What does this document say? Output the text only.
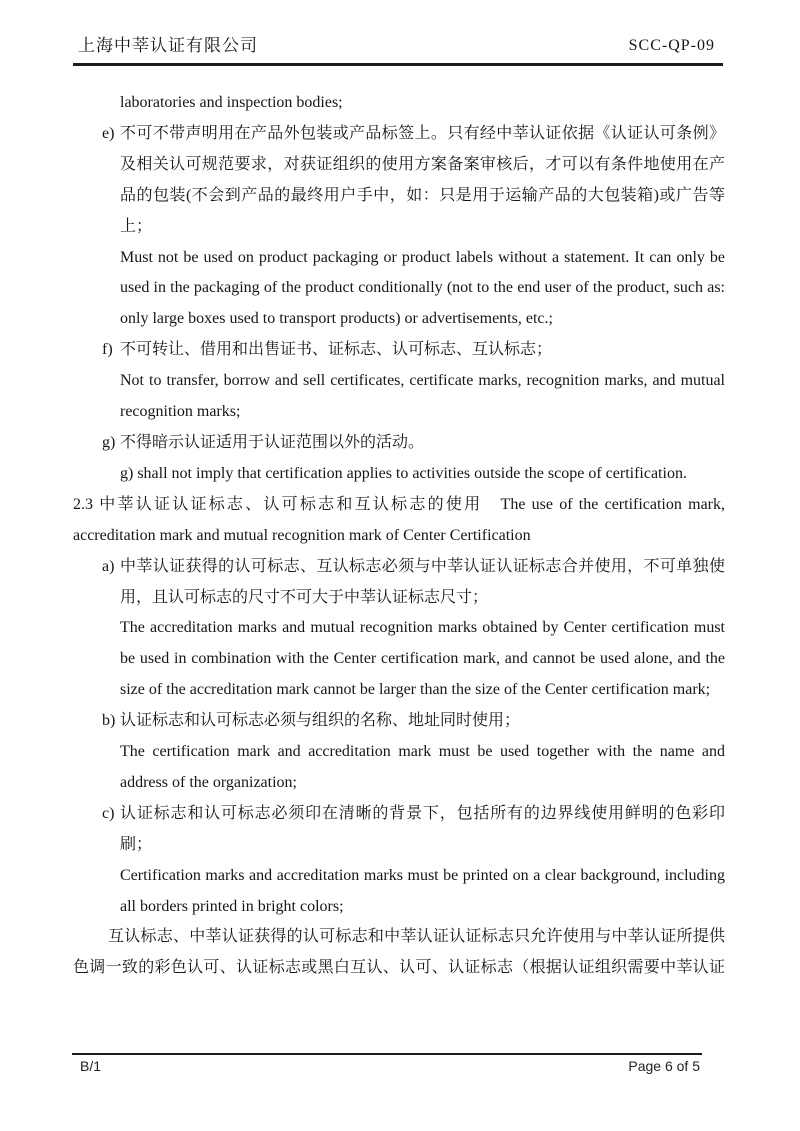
上海中莘认证有限公司	SCC-QP-09

laboratories and inspection bodies;

e) 不可不带声明用在产品外包装或产品标签上。只有经中莘认证依据《认证认可条例》及相关认可规范要求，对获证组织的使用方案备案审核后，才可以有条件地使用在产品的包装(不会到产品的最终用户手中，如：只是用于运输产品的大包装箱)或广告等上；

Must not be used on product packaging or product labels without a statement. It can only be used in the packaging of the product conditionally (not to the end user of the product, such as: only large boxes used to transport products) or advertisements, etc.;

f) 不可转让、借用和出售证书、证标志、认可标志、互认标志；

Not to transfer, borrow and sell certificates, certificate marks, recognition marks, and mutual recognition marks;

g) 不得暗示认证适用于认证范围以外的活动。

g) shall not imply that certification applies to activities outside the scope of certification.

2.3 中莘认证认证标志、认可标志和互认标志的使用　The use of the certification mark, accreditation mark and mutual recognition mark of Center Certification

a) 中莘认证获得的认可标志、互认标志必须与中莘认证认证标志合并使用，不可单独使用，且认可标志的尺寸不可大于中莘认证标志尺寸；

The accreditation marks and mutual recognition marks obtained by Center certification must be used in combination with the Center certification mark, and cannot be used alone, and the size of the accreditation mark cannot be larger than the size of the Center certification mark;

b) 认证标志和认可标志必须与组织的名称、地址同时使用；

The certification mark and accreditation mark must be used together with the name and address of the organization;

c) 认证标志和认可标志必须印在清晰的背景下，包括所有的边界线使用鲜明的色彩印刷；

Certification marks and accreditation marks must be printed on a clear background, including all borders printed in bright colors;

互认标志、中莘认证获得的认可标志和中莘认证认证标志只允许使用与中莘认证所提供色调一致的彩色认可、认证标志或黑白互认、认可、认证标志（根据认证组织需要中莘认证

B/1	Page 6 of 5
